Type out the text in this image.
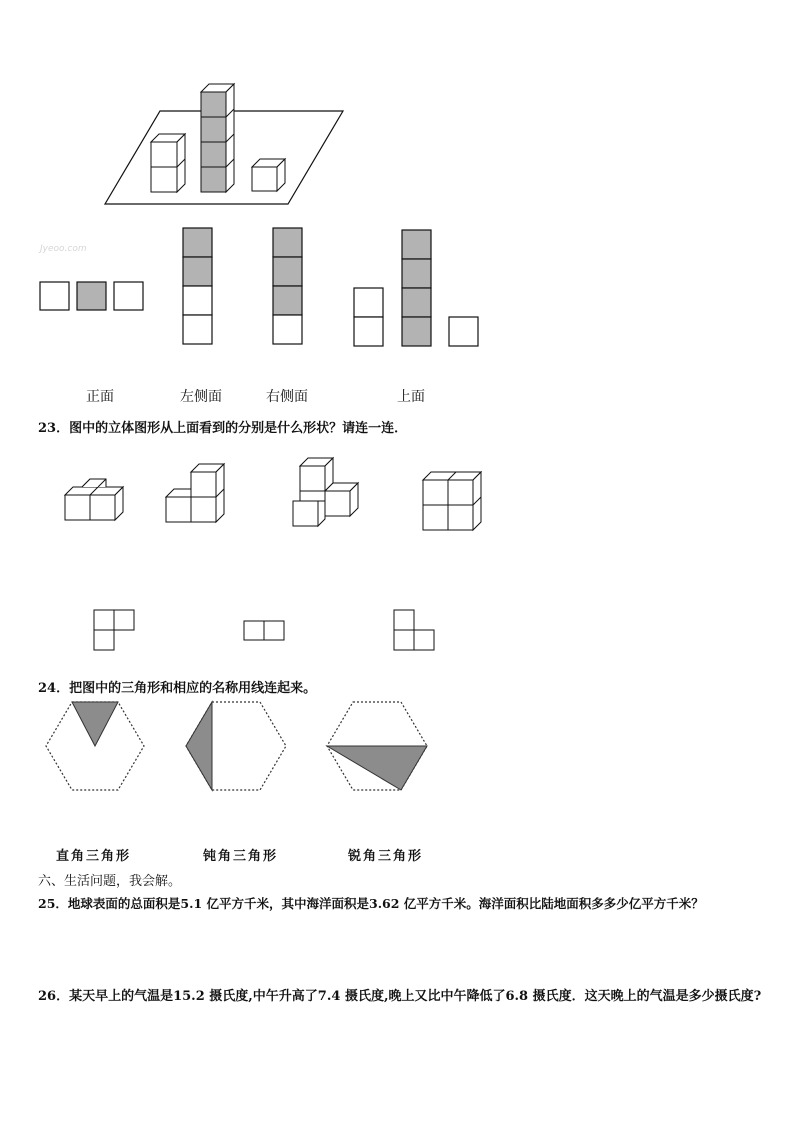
Jyeoo.com
正面	左侧面	右侧面	上面
23．图中的立体图形从上面看到的分别是什么形状？请连一连．
24．把图中的三角形和相应的名称用线连起来。
直角三角形	钝角三角形	锐角三角形
六、生活问题，我会解。
25．地球表面的总面积是5.1 亿平方千米，其中海洋面积是3.62 亿平方千米。海洋面积比陆地面积多多少亿平方千米？
26．某天早上的气温是15.2 摄氏度,中午升高了7.4 摄氏度,晚上又比中午降低了6.8 摄氏度．这天晚上的气温是多少摄氏度?
